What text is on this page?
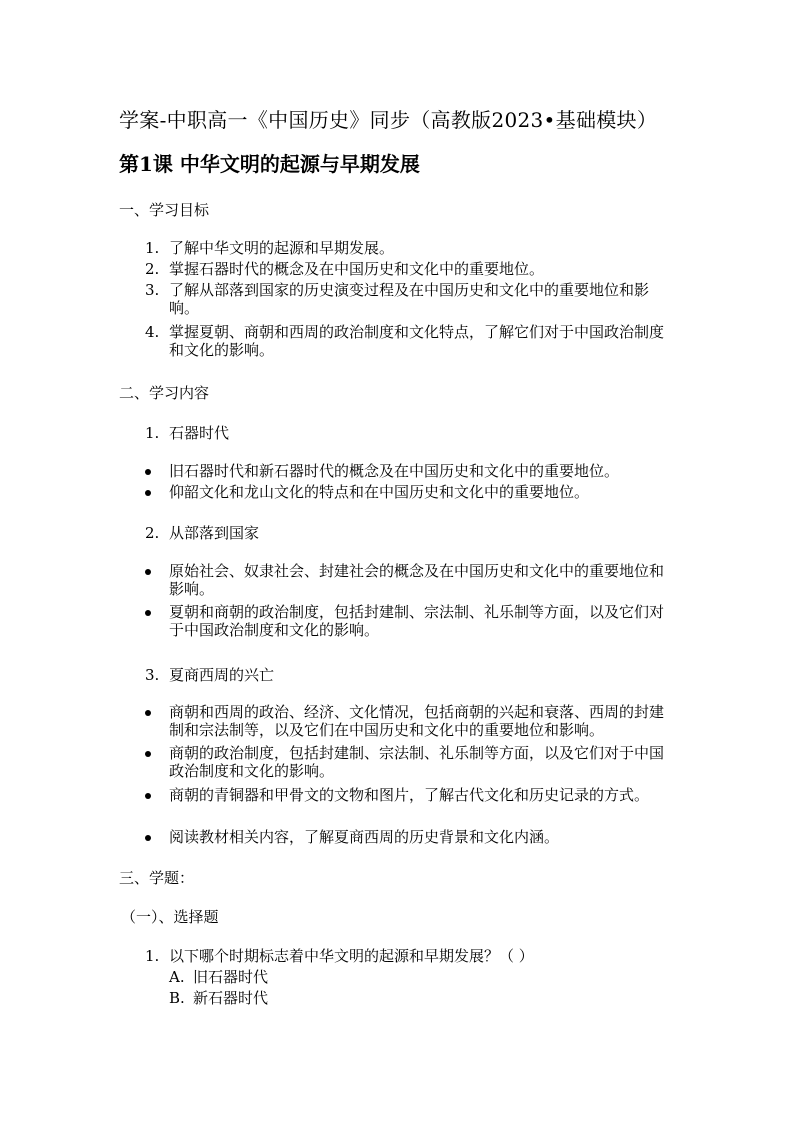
学案-中职高一《中国历史》同步（高教版2023•基础模块）
第1课 中华文明的起源与早期发展
一、学习目标
1. 了解中华文明的起源和早期发展。
2. 掌握石器时代的概念及在中国历史和文化中的重要地位。
3. 了解从部落到国家的历史演变过程及在中国历史和文化中的重要地位和影响。
4. 掌握夏朝、商朝和西周的政治制度和文化特点，了解它们对于中国政治制度和文化的影响。
二、学习内容
1. 石器时代
旧石器时代和新石器时代的概念及在中国历史和文化中的重要地位。
仰韶文化和龙山文化的特点和在中国历史和文化中的重要地位。
2. 从部落到国家
原始社会、奴隶社会、封建社会的概念及在中国历史和文化中的重要地位和影响。
夏朝和商朝的政治制度，包括封建制、宗法制、礼乐制等方面，以及它们对于中国政治制度和文化的影响。
3. 夏商西周的兴亡
商朝和西周的政治、经济、文化情况，包括商朝的兴起和衰落、西周的封建制和宗法制等，以及它们在中国历史和文化中的重要地位和影响。
商朝的政治制度，包括封建制、宗法制、礼乐制等方面，以及它们对于中国政治制度和文化的影响。
商朝的青铜器和甲骨文的文物和图片，了解古代文化和历史记录的方式。
阅读教材相关内容，了解夏商西周的历史背景和文化内涵。
三、学题：
（一）、选择题
1. 以下哪个时期标志着中华文明的起源和早期发展？（ ）
A. 旧石器时代
B. 新石器时代
